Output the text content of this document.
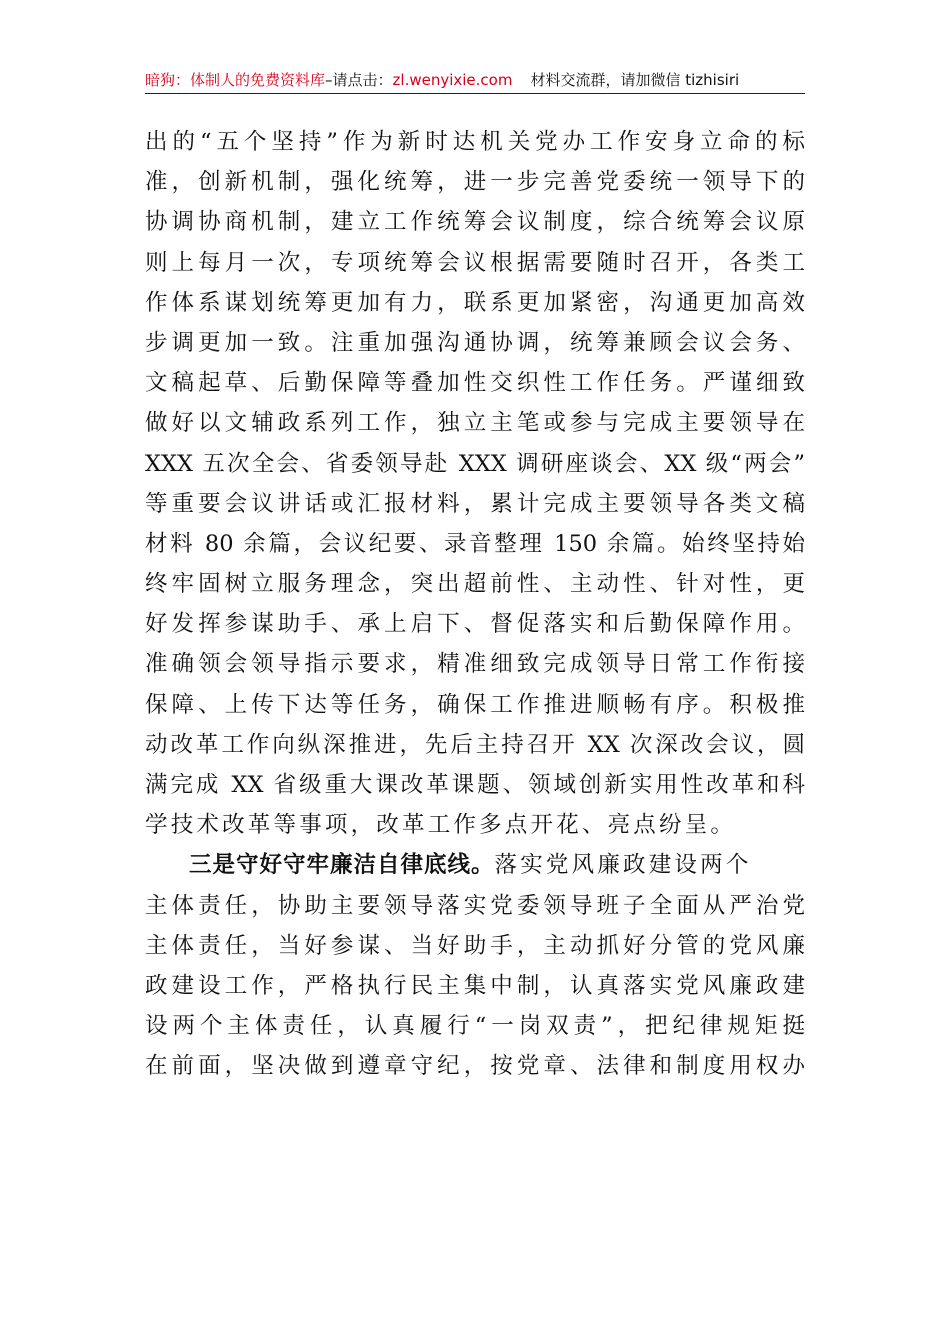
暗狗：体制人的免费资料库 –请点击： zl.wenyixie.com 材料交流群，请加微信 tizhisiri
出的“五个坚持”作为新时达机关党办工作安身立命的标
准，创新机制，强化统筹，进一步完善党委统一领导下的
协调协商机制，建立工作统筹会议制度，综合统筹会议原
则上每月一次，专项统筹会议根据需要随时召开，各类工
作体系谋划统筹更加有力，联系更加紧密，沟通更加高效
步调更加一致。注重加强沟通协调，统筹兼顾会议会务、
文稿起草、后勤保障等叠加性交织性工作任务。严谨细致
做好以文辅政系列工作，独立主笔或参与完成主要领导在
XXX 五次全会、省委领导赴 XXX 调研座谈会、XX 级“两会”
等重要会议讲话或汇报材料，累计完成主要领导各类文稿
材料 80 余篇，会议纪要、录音整理 150 余篇。始终坚持始
终牢固树立服务理念，突出超前性、主动性、针对性，更
好发挥参谋助手、承上启下、督促落实和后勤保障作用。
准确领会领导指示要求，精准细致完成领导日常工作衔接
保障、上传下达等任务，确保工作推进顺畅有序。积极推
动改革工作向纵深推进，先后主持召开 XX 次深改会议，圆
满完成 XX 省级重大课改革课题、领域创新实用性改革和科
学技术改革等事项，改革工作多点开花、亮点纷呈。
三是守好守牢廉洁自律底线。落实党风廉政建设两个
主体责任，协助主要领导落实党委领导班子全面从严治党
主体责任，当好参谋、当好助手，主动抓好分管的党风廉
政建设工作，严格执行民主集中制，认真落实党风廉政建
设两个主体责任，认真履行“一岗双责”，把纪律规矩挺
在前面，坚决做到遵章守纪，按党章、法律和制度用权办
